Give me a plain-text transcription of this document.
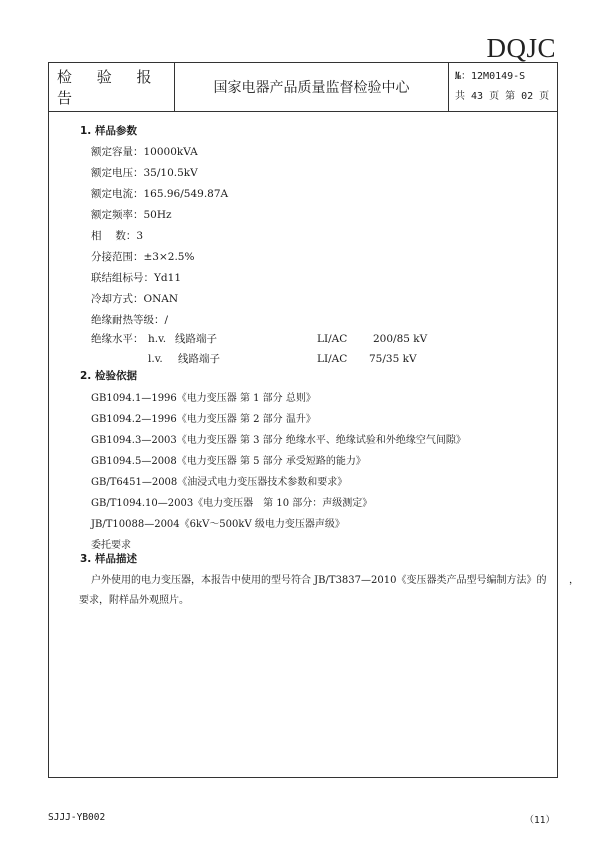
DQJC
检 验 报 告
国家电器产品质量监督检验中心
№：12M0149-S
共 43 页 第 02 页
1. 样品参数
额定容量：10000kVA
额定电压：35/10.5kV
额定电流：165.96/549.87A
额定频率：50Hz
相　 数：3
分接范围：±3×2.5%
联结组标号：Yd11
冷却方式：ONAN
绝缘耐热等级：/
绝缘水平： h.v. 线路端子	LI/AC 200/85 kV
l.v. 线路端子	LI/AC 75/35 kV
2. 检验依据
GB1094.1—1996《电力变压器 第 1 部分 总则》
GB1094.2—1996《电力变压器 第 2 部分 温升》
GB1094.3—2003《电力变压器 第 3 部分 绝缘水平、绝缘试验和外绝缘空气间隙》
GB1094.5—2008《电力变压器 第 5 部分 承受短路的能力》
GB/T6451—2008《油浸式电力变压器技术参数和要求》
GB/T1094.10—2003《电力变压器　第 10 部分：声级测定》
JB/T10088—2004《6kV～500kV 级电力变压器声级》
委托要求
3. 样品描述

户外使用的电力变压器，本报告中使用的型号符合 JB/T3837—2010《变压器类产品型号编制方法》的

要求，附样品外观照片。

，
SJJJ-YB002	（11）
